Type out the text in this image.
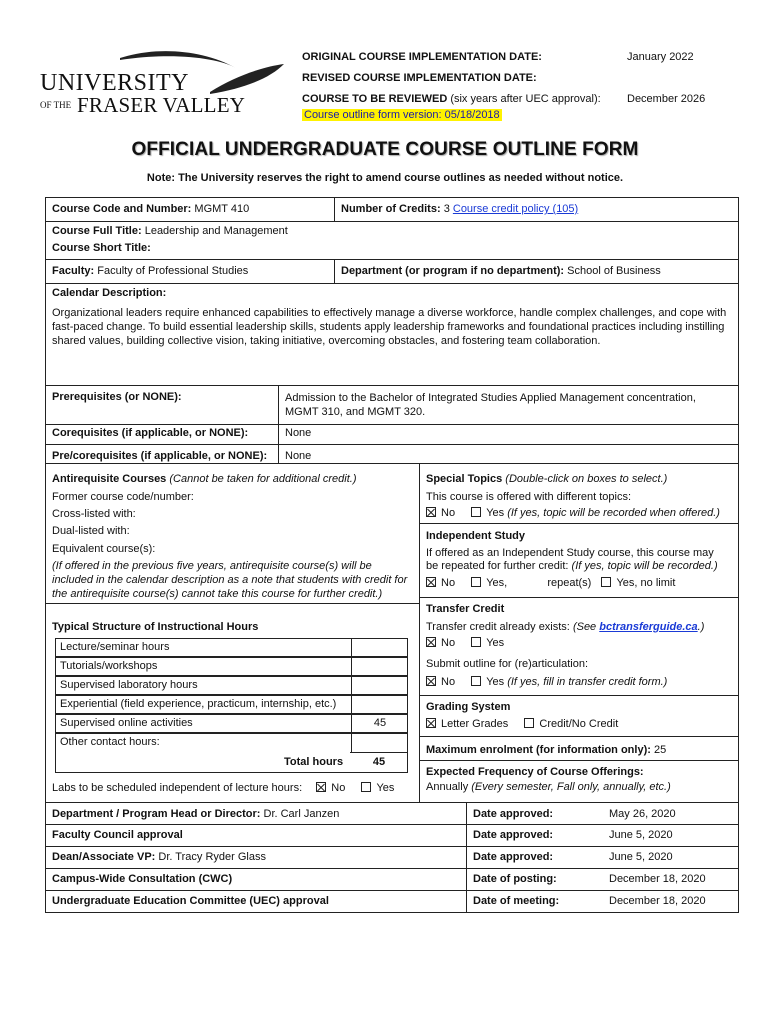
UNIVERSITY
OF THE FRASER VALLEY
ORIGINAL COURSE IMPLEMENTATION DATE:	January 2022
REVISED COURSE IMPLEMENTATION DATE:
COURSE TO BE REVIEWED (six years after UEC approval): December 2026
Course outline form version: 05/18/2018
OFFICIAL UNDERGRADUATE COURSE OUTLINE FORM
Note: The University reserves the right to amend course outlines as needed without notice.
Course Code and Number: MGMT 410	Number of Credits: 3 Course credit policy (105)
Course Full Title: Leadership and Management
Course Short Title:
Faculty: Faculty of Professional Studies	Department (or program if no department): School of Business
Calendar Description:
Organizational leaders require enhanced capabilities to effectively manage a diverse workforce, handle complex challenges, and cope with fast-paced change. To build essential leadership skills, students apply leadership frameworks and foundational practices including instilling shared values, building collective vision, taking initiative, overcoming obstacles, and fostering team collaboration.
Prerequisites (or NONE):	Admission to the Bachelor of Integrated Studies Applied Management concentration, MGMT 310, and MGMT 320.
Corequisites (if applicable, or NONE):	None
Pre/corequisites (if applicable, or NONE): None
Antirequisite Courses (Cannot be taken for additional credit.)
Former course code/number:
Cross-listed with:
Dual-listed with:
Equivalent course(s):
(If offered in the previous five years, antirequisite course(s) will be included in the calendar description as a note that students with credit for the antirequisite course(s) cannot take this course for further credit.)
Typical Structure of Instructional Hours
Lecture/seminar hours
Tutorials/workshops
Supervised laboratory hours
Experiential (field experience, practicum, internship, etc.)
Supervised online activities	45
Other contact hours:
Total hours	45
Labs to be scheduled independent of lecture hours:	No	Yes
Special Topics (Double-click on boxes to select.)
This course is offered with different topics:
No	Yes (If yes, topic will be recorded when offered.)
Independent Study
If offered as an Independent Study course, this course may
be repeated for further credit: (If yes, topic will be recorded.)
No	Yes,	repeat(s) Yes, no limit
Transfer Credit
Transfer credit already exists: (See bctransferguide.ca.)
No	Yes
Submit outline for (re)articulation:
No	Yes (If yes, fill in transfer credit form.)
Grading System
Letter Grades	Credit/No Credit
Maximum enrolment (for information only): 25
Expected Frequency of Course Offerings:
Annually (Every semester, Fall only, annually, etc.)
Department / Program Head or Director: Dr. Carl Janzen	Date approved:	May 26, 2020
Faculty Council approval	Date approved:	June 5, 2020
Dean/Associate VP: Dr. Tracy Ryder Glass	Date approved:	June 5, 2020
Campus-Wide Consultation (CWC)	Date of posting:	December 18, 2020
Undergraduate Education Committee (UEC) approval	Date of meeting:	December 18, 2020
